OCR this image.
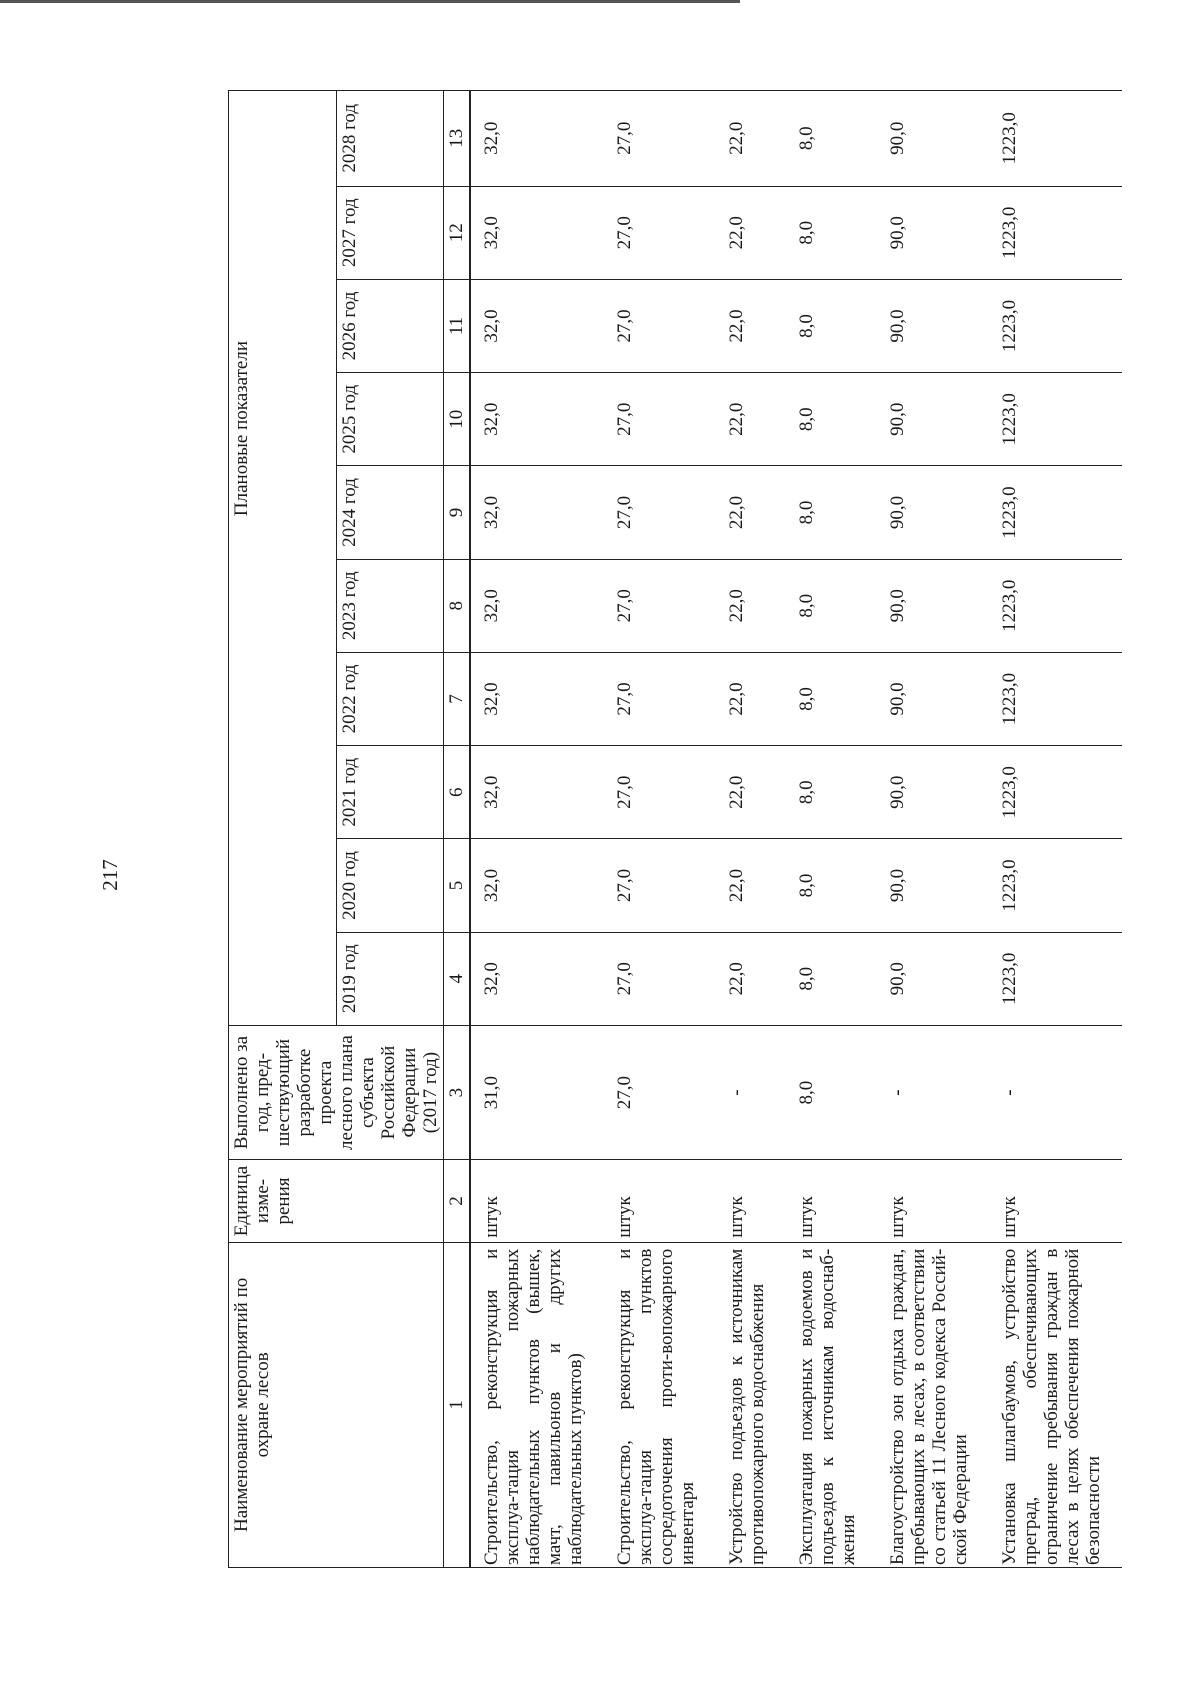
217
Наименование мероприятий по охране лесов	Единица изме- рения	Выполнено за год, пред- шествующий разработке проекта лесного плана субъекта Российской Федерации (2017 год)	Плановые показатели									
			2019 год	2020 год	2021 год	2022 год	2023 год	2024 год	2025 год	2026 год	2027 год	2028 год
1	2	3	4	5	6	7	8	9	10	11	12	13
Строительство, реконструкция и эксплуа-тация пожарных наблюдательных пунктов (вышек, мачт, павильонов и других наблюдательных пунктов)	штук	31,0	32,0	32,0	32,0	32,0	32,0	32,0	32,0	32,0	32,0	32,0
Строительство, реконструкция и эксплуа-тация пунктов сосредоточения проти-вопожарного инвентаря	штук	27,0	27,0	27,0	27,0	27,0	27,0	27,0	27,0	27,0	27,0	27,0
Устройство подъездов к источникам противопожарного водоснабжения	штук	-	22,0	22,0	22,0	22,0	22,0	22,0	22,0	22,0	22,0	22,0
Эксплуатация пожарных водоемов и подъездов к источникам водоснаб-жения	штук	8,0	8,0	8,0	8,0	8,0	8,0	8,0	8,0	8,0	8,0	8,0
Благоустройство зон отдыха граждан, пребывающих в лесах, в соответствии со статьей 11 Лесного кодекса Россий-ской Федерации	штук	-	90,0	90,0	90,0	90,0	90,0	90,0	90,0	90,0	90,0	90,0
Установка шлагбаумов, устройство преград, обеспечивающих ограничение пребывания граждан в лесах в целях обеспечения пожарной безопасности	штук	-	1223,0	1223,0	1223,0	1223,0	1223,0	1223,0	1223,0	1223,0	1223,0	1223,0
